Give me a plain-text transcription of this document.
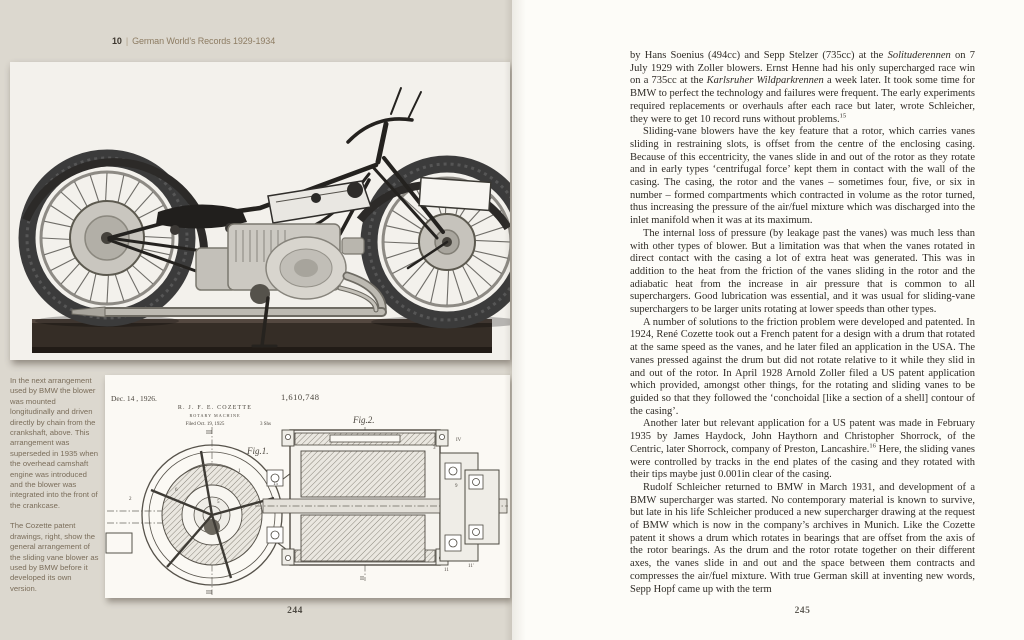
10 | German World’s Records 1929-1934

In the next arrangement used by BMW the blower was mounted longitudinally and driven directly by chain from the crankshaft, above. This arrangement was superseded in 1935 when the overhead camshaft engine was introduced and the blower was integrated into the front of the crankcase.

The Cozette patent drawings, right, show the general arrangement of the sliding vane blower as used by BMW before it developed its own version.

Dec. 14 , 1926.	1,610,748
R. J. F. E. COZETTE
ROTARY MACHINE
Filed Oct. 19, 1925	3 Shs
Fig.1.
III
III
Fig.2.
II
1
2
5
6
15
3'
9
11
11'
IV
244

by Hans Soenius (494cc) and Sepp Stelzer (735cc) at the Solituderennen on 7 July 1929 with Zoller blowers. Ernst Henne had his only supercharged race win on a 735cc at the Karlsruher Wildparkrennen a week later. It took some time for BMW to perfect the technology and failures were frequent. The early experiments required replacements or overhauls after each race but later, wrote Schleicher, they were to get 10 record runs without problems.$^{15}$

Sliding-vane blowers have the key feature that a rotor, which carries vanes sliding in restraining slots, is offset from the centre of the enclosing casing. Because of this eccentricity, the vanes slide in and out of the rotor as they rotate and in early types ‘centrifugal force’ kept them in contact with the wall of the casing. The casing, the rotor and the vanes – sometimes four, five, or six in number – formed compartments which contracted in volume as the rotor turned, thus increasing the pressure of the air/fuel mixture which was discharged into the inlet manifold when it was at its maximum.

The internal loss of pressure (by leakage past the vanes) was much less than with other types of blower. But a limitation was that when the vanes rotated in direct contact with the casing a lot of extra heat was generated. This was in addition to the heat from the friction of the vanes sliding in the rotor and the adiabatic heat from the increase in air pressure that is common to all superchargers. Good lubrication was essential, and it was usual for sliding-vane superchargers to be larger units rotating at lower speeds than other types.

A number of solutions to the friction problem were developed and patented. In 1924, René Cozette took out a French patent for a design with a drum that rotated at the same speed as the vanes, and he later filed an application in the USA. The vanes pressed against the drum but did not rotate relative to it while they slid in and out of the rotor. In April 1928 Arnold Zoller filed a US patent application which provided, amongst other things, for the rotating and sliding vanes to be guided so that they followed the ‘conchoidal [like a section of a shell] contour of the casing’.

Another later but relevant application for a US patent was made in February 1935 by James Haydock, John Haythorn and Christopher Shorrock, of the Centric, later Shorrock, company of Preston, Lancashire.$^{16}$ Here, the sliding vanes were controlled by tracks in the end plates of the casing and they rotated with their tips maybe just 0.001in clear of the casing.

Rudolf Schleicher returned to BMW in March 1931, and development of a BMW supercharger was started. No contemporary material is known to survive, but late in his life Schleicher produced a new supercharger drawing at the request of BMW which is now in the company’s archives in Munich. Like the Cozette patent it shows a drum which rotates in bearings that are offset from the axis of the rotor bearings. As the drum and the rotor rotate together on their different axes, the vanes slide in and out and the space between them contracts and compresses the air/fuel mixture. With true German skill at inventing new words, Sepp Hopf came up with the term

245
